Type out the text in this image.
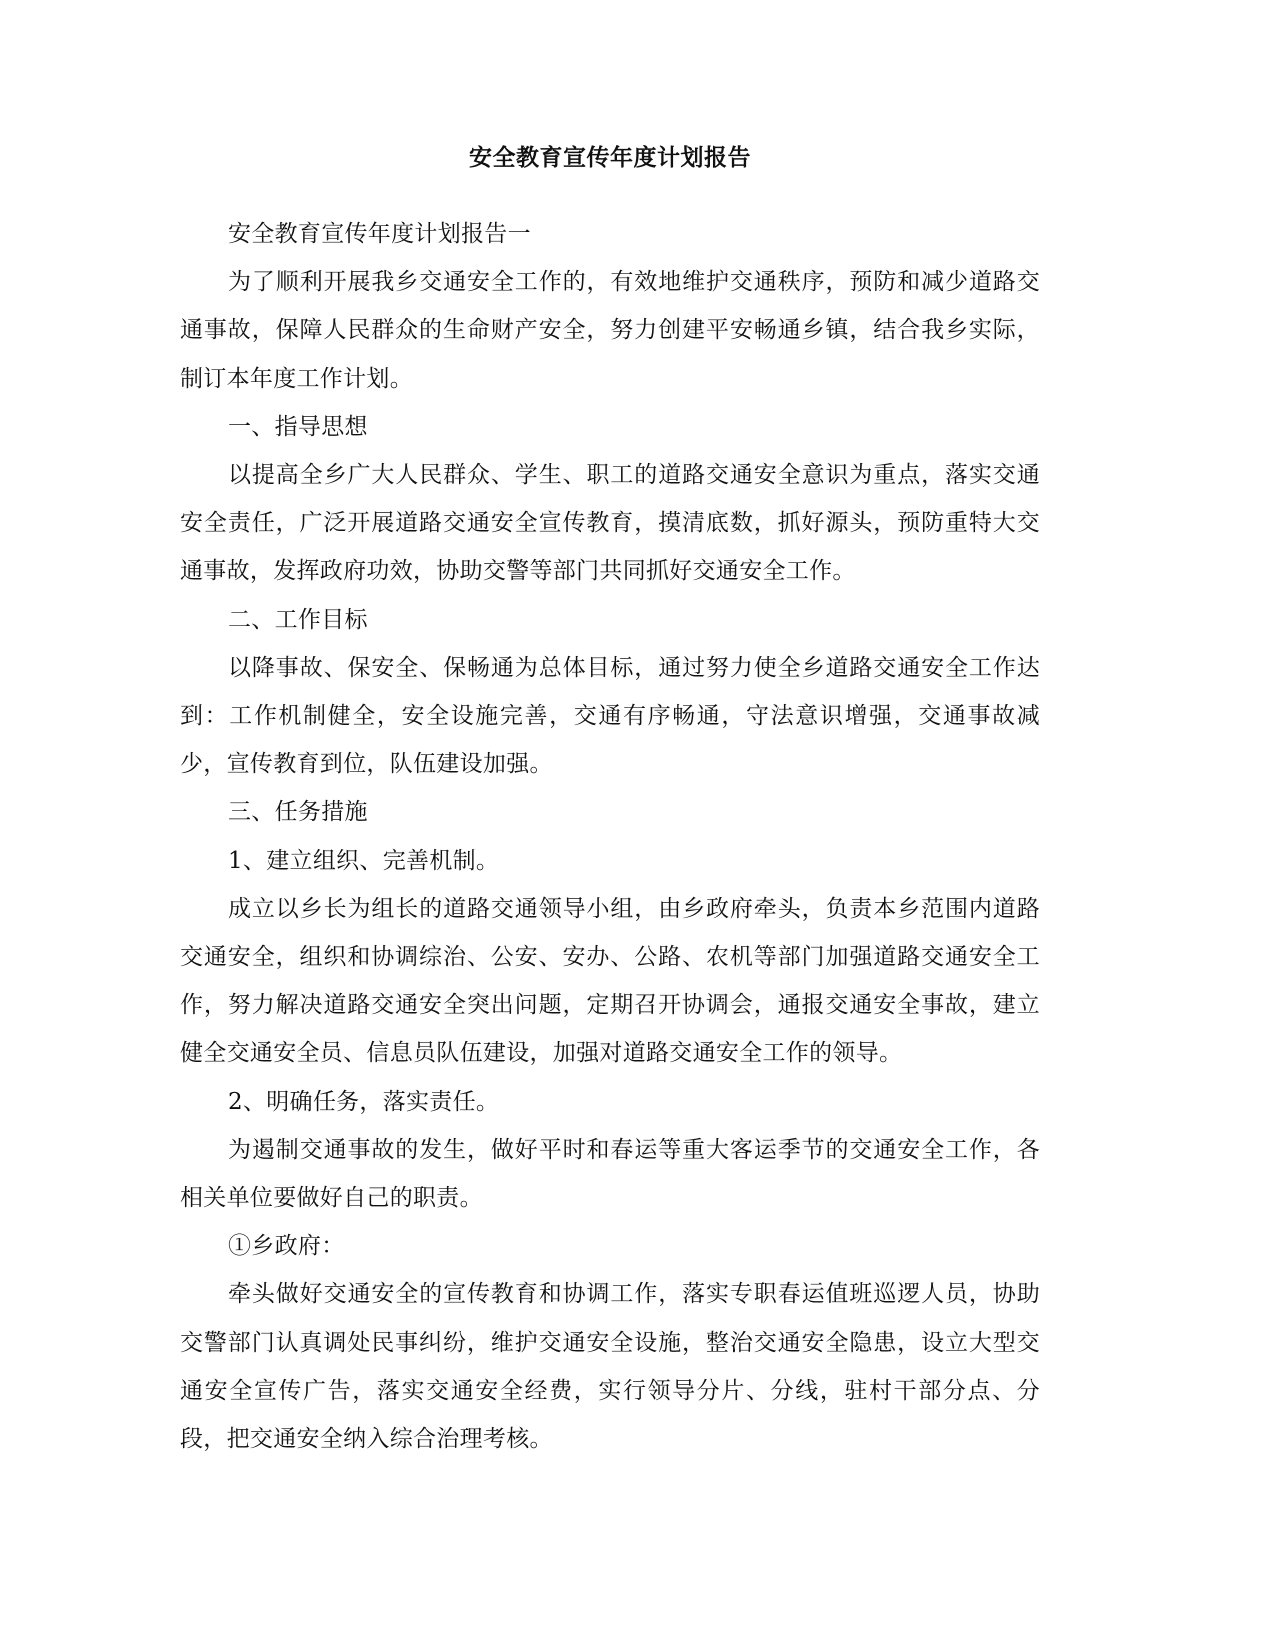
安全教育宣传年度计划报告

安全教育宣传年度计划报告一

为了顺利开展我乡交通安全工作的，有效地维护交通秩序，预防和减少道路交通事故，保障人民群众的生命财产安全，努力创建平安畅通乡镇，结合我乡实际，制订本年度工作计划。

一、指导思想

以提高全乡广大人民群众、学生、职工的道路交通安全意识为重点，落实交通安全责任，广泛开展道路交通安全宣传教育，摸清底数，抓好源头，预防重特大交通事故，发挥政府功效，协助交警等部门共同抓好交通安全工作。

二、工作目标

以降事故、保安全、保畅通为总体目标，通过努力使全乡道路交通安全工作达到：工作机制健全，安全设施完善，交通有序畅通，守法意识增强，交通事故减少，宣传教育到位，队伍建设加强。

三、任务措施

1、建立组织、完善机制。

成立以乡长为组长的道路交通领导小组，由乡政府牵头，负责本乡范围内道路交通安全，组织和协调综治、公安、安办、公路、农机等部门加强道路交通安全工作，努力解决道路交通安全突出问题，定期召开协调会，通报交通安全事故，建立健全交通安全员、信息员队伍建设，加强对道路交通安全工作的领导。

2、明确任务，落实责任。

为遏制交通事故的发生，做好平时和春运等重大客运季节的交通安全工作，各相关单位要做好自己的职责。

①乡政府：

牵头做好交通安全的宣传教育和协调工作，落实专职春运值班巡逻人员，协助交警部门认真调处民事纠纷，维护交通安全设施，整治交通安全隐患，设立大型交通安全宣传广告，落实交通安全经费，实行领导分片、分线，驻村干部分点、分段，把交通安全纳入综合治理考核。
